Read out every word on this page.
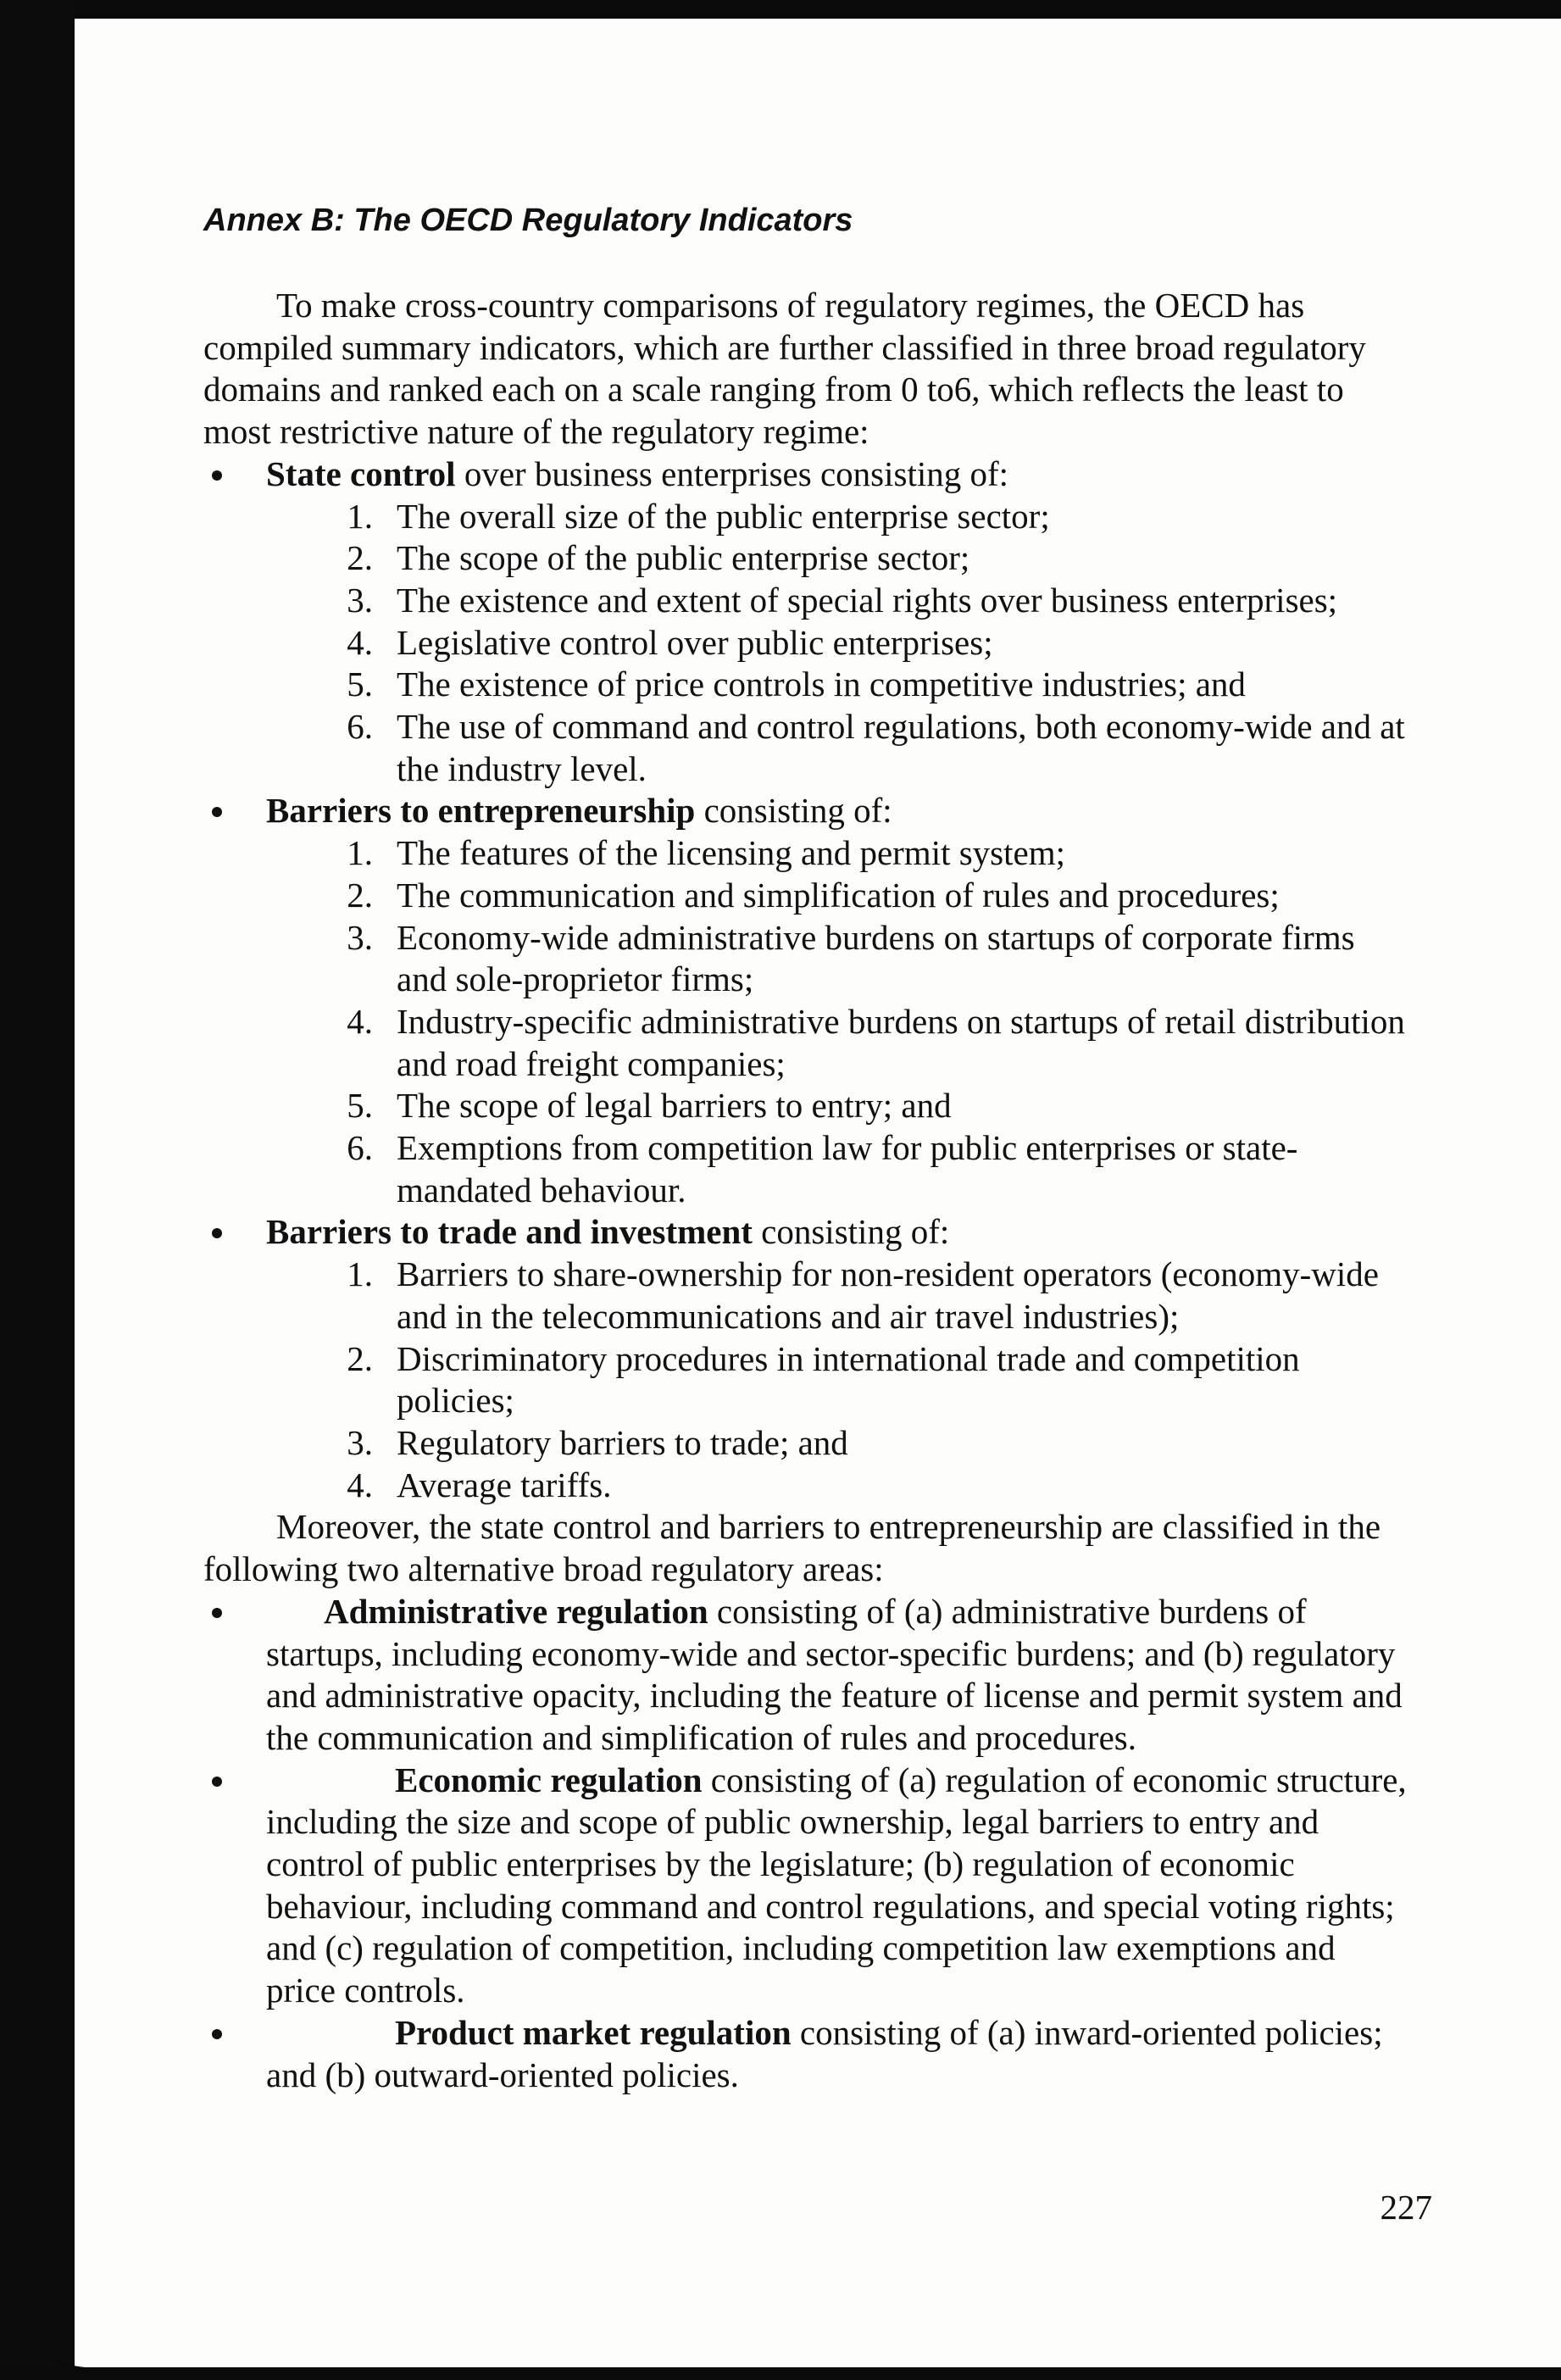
Annex B: The OECD Regulatory Indicators

To make cross-country comparisons of regulatory regimes, the OECD has compiled summary indicators, which are further classified in three broad regulatory domains and ranked each on a scale ranging from 0 to6, which reflects the least to most restrictive nature of the regulatory regime:

State control over business enterprises consisting of:
1. The overall size of the public enterprise sector;
2. The scope of the public enterprise sector;
3. The existence and extent of special rights over business enterprises;
4. Legislative control over public enterprises;
5. The existence of price controls in competitive industries; and
6. The use of command and control regulations, both economy-wide and at the industry level.
Barriers to entrepreneurship consisting of:
1. The features of the licensing and permit system;
2. The communication and simplification of rules and procedures;
3. Economy-wide administrative burdens on startups of corporate firms and sole-proprietor firms;
4. Industry-specific administrative burdens on startups of retail distribution and road freight companies;
5. The scope of legal barriers to entry; and
6. Exemptions from competition law for public enterprises or state-mandated behaviour.
Barriers to trade and investment consisting of:
1. Barriers to share-ownership for non-resident operators (economy-wide and in the telecommunications and air travel industries);
2. Discriminatory procedures in international trade and competition policies;
3. Regulatory barriers to trade; and
4. Average tariffs.

Moreover, the state control and barriers to entrepreneurship are classified in the following two alternative broad regulatory areas:

Administrative regulation consisting of (a) administrative burdens of startups, including economy-wide and sector-specific burdens; and (b) regulatory and administrative opacity, including the feature of license and permit system and the communication and simplification of rules and procedures.
Economic regulation consisting of (a) regulation of economic structure, including the size and scope of public ownership, legal barriers to entry and control of public enterprises by the legislature; (b) regulation of economic behaviour, including command and control regulations, and special voting rights; and (c) regulation of competition, including competition law exemptions and price controls.
Product market regulation consisting of (a) inward-oriented policies; and (b) outward-oriented policies.
227
